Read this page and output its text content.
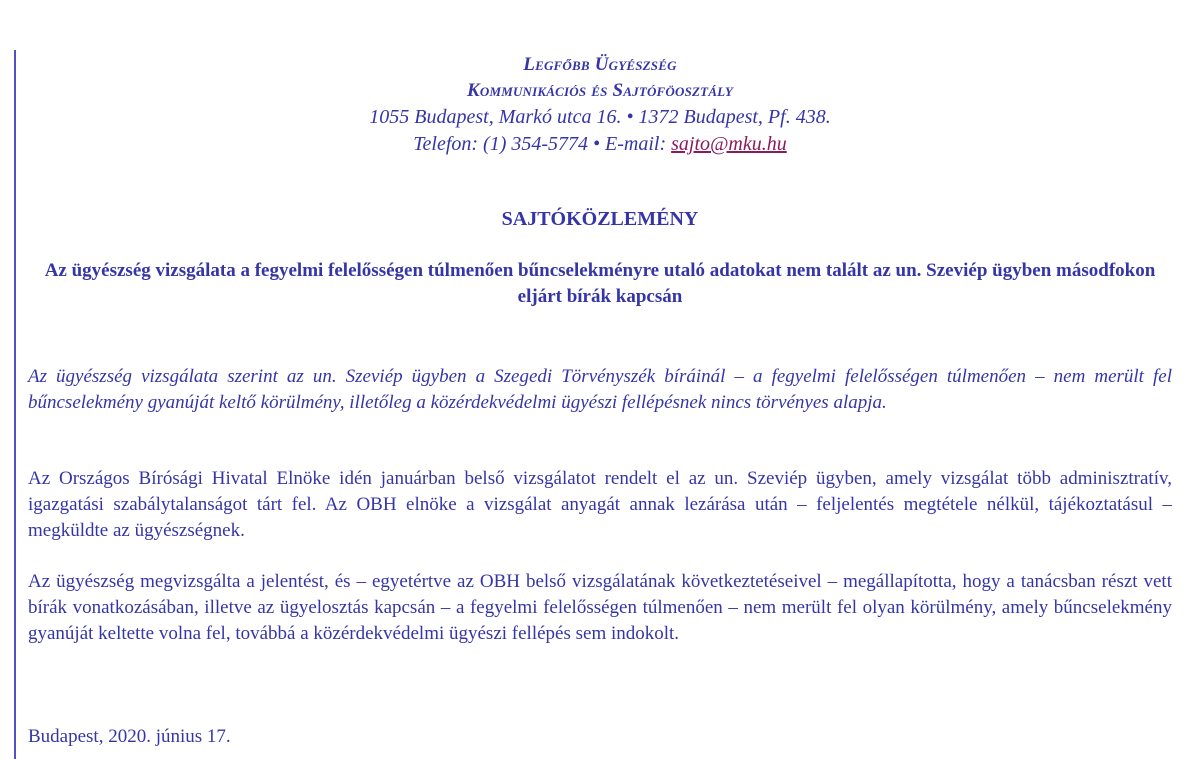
Legfőbb Ügyészség
Kommunikációs és Sajtóföosztály
1055 Budapest, Markó utca 16. • 1372 Budapest, Pf. 438.
Telefon: (1) 354-5774 • E-mail: sajto@mku.hu
SAJTÓKÖZLEMÉNY
Az ügyészség vizsgálata a fegyelmi felelősségen túlmenően bűncselekményre utaló adatokat nem talált az un. Szeviép ügyben másodfokon eljárt bírák kapcsán

Az ügyészség vizsgálata szerint az un. Szeviép ügyben a Szegedi Törvényszék bíráinál – a fegyelmi felelősségen túlmenően – nem merült fel bűncselekmény gyanúját keltő körülmény, illetőleg a közérdekvédelmi ügyészi fellépésnek nincs törvényes alapja.

Az Országos Bírósági Hivatal Elnöke idén januárban belső vizsgálatot rendelt el az un. Szeviép ügyben, amely vizsgálat több adminisztratív, igazgatási szabálytalanságot tárt fel. Az OBH elnöke a vizsgálat anyagát annak lezárása után – feljelentés megtétele nélkül, tájékoztatásul – megküldte az ügyészségnek.

Az ügyészség megvizsgálta a jelentést, és – egyetértve az OBH belső vizsgálatának következtetéseivel – megállapította, hogy a tanácsban részt vett bírák vonatkozásában, illetve az ügyelosztás kapcsán – a fegyelmi felelősségen túlmenően – nem merült fel olyan körülmény, amely bűncselekmény gyanúját keltette volna fel, továbbá a közérdekvédelmi ügyészi fellépés sem indokolt.

Budapest, 2020. június 17.
